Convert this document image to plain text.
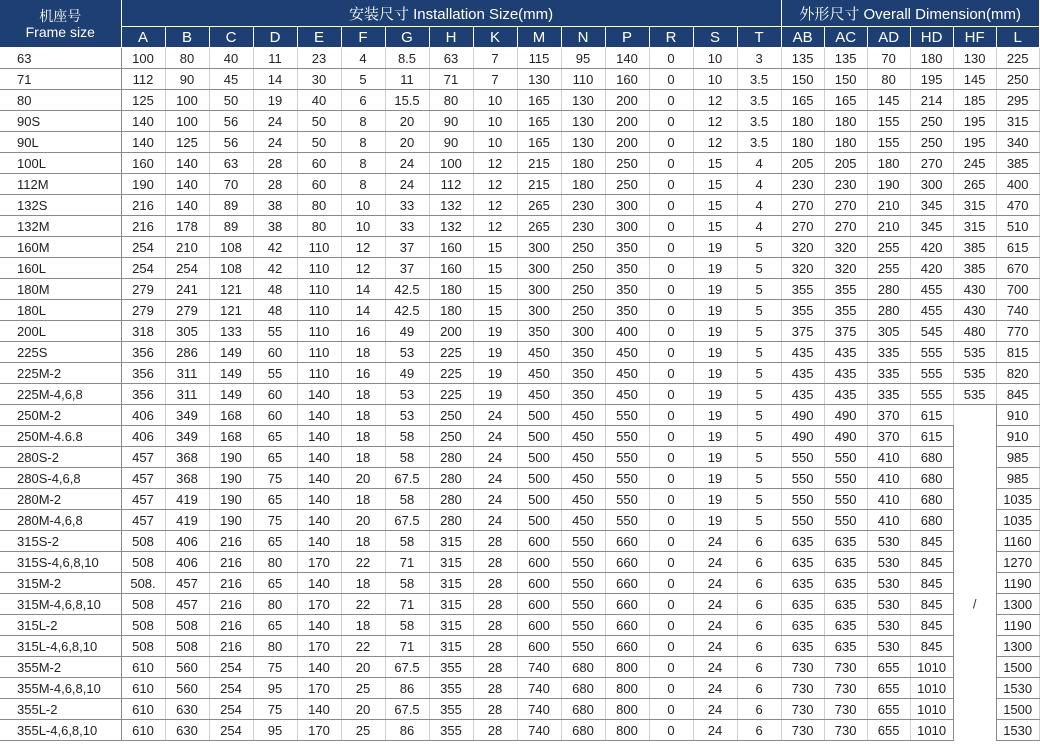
机座号
Frame size	安装尺寸 Installation Size(mm)															外形尺寸 Overall Dimension(mm)					
	A	B	C	D	E	F	G	H	K	M	N	P	R	S	T	AB	AC	AD	HD	HF	L
63	100	80	40	11	23	4	8.5	63	7	115	95	140	0	10	3	135	135	70	180	130	225
71	112	90	45	14	30	5	11	71	7	130	110	160	0	10	3.5	150	150	80	195	145	250
80	125	100	50	19	40	6	15.5	80	10	165	130	200	0	12	3.5	165	165	145	214	185	295
90S	140	100	56	24	50	8	20	90	10	165	130	200	0	12	3.5	180	180	155	250	195	315
90L	140	125	56	24	50	8	20	90	10	165	130	200	0	12	3.5	180	180	155	250	195	340
100L	160	140	63	28	60	8	24	100	12	215	180	250	0	15	4	205	205	180	270	245	385
112M	190	140	70	28	60	8	24	112	12	215	180	250	0	15	4	230	230	190	300	265	400
132S	216	140	89	38	80	10	33	132	12	265	230	300	0	15	4	270	270	210	345	315	470
132M	216	178	89	38	80	10	33	132	12	265	230	300	0	15	4	270	270	210	345	315	510
160M	254	210	108	42	110	12	37	160	15	300	250	350	0	19	5	320	320	255	420	385	615
160L	254	254	108	42	110	12	37	160	15	300	250	350	0	19	5	320	320	255	420	385	670
180M	279	241	121	48	110	14	42.5	180	15	300	250	350	0	19	5	355	355	280	455	430	700
180L	279	279	121	48	110	14	42.5	180	15	300	250	350	0	19	5	355	355	280	455	430	740
200L	318	305	133	55	110	16	49	200	19	350	300	400	0	19	5	375	375	305	545	480	770
225S	356	286	149	60	110	18	53	225	19	450	350	450	0	19	5	435	435	335	555	535	815
225M-2	356	311	149	55	110	16	49	225	19	450	350	450	0	19	5	435	435	335	555	535	820
225M-4,6,8	356	311	149	60	140	18	53	225	19	450	350	450	0	19	5	435	435	335	555	535	845
250M-2	406	349	168	60	140	18	53	250	24	500	450	550	0	19	5	490	490	370	615	/	910
250M-4.6.8	406	349	168	65	140	18	58	250	24	500	450	550	0	19	5	490	490	370	615		910
280S-2	457	368	190	65	140	18	58	280	24	500	450	550	0	19	5	550	550	410	680		985
280S-4,6,8	457	368	190	75	140	20	67.5	280	24	500	450	550	0	19	5	550	550	410	680		985
280M-2	457	419	190	65	140	18	58	280	24	500	450	550	0	19	5	550	550	410	680		1035
280M-4,6,8	457	419	190	75	140	20	67.5	280	24	500	450	550	0	19	5	550	550	410	680		1035
315S-2	508	406	216	65	140	18	58	315	28	600	550	660	0	24	6	635	635	530	845		1160
315S-4,6,8,10	508	406	216	80	170	22	71	315	28	600	550	660	0	24	6	635	635	530	845		1270
315M-2	508.	457	216	65	140	18	58	315	28	600	550	660	0	24	6	635	635	530	845		1190
315M-4,6,8,10	508	457	216	80	170	22	71	315	28	600	550	660	0	24	6	635	635	530	845		1300
315L-2	508	508	216	65	140	18	58	315	28	600	550	660	0	24	6	635	635	530	845		1190
315L-4,6,8,10	508	508	216	80	170	22	71	315	28	600	550	660	0	24	6	635	635	530	845		1300
355M-2	610	560	254	75	140	20	67.5	355	28	740	680	800	0	24	6	730	730	655	1010		1500
355M-4,6,8,10	610	560	254	95	170	25	86	355	28	740	680	800	0	24	6	730	730	655	1010		1530
355L-2	610	630	254	75	140	20	67.5	355	28	740	680	800	0	24	6	730	730	655	1010		1500
355L-4,6,8,10	610	630	254	95	170	25	86	355	28	740	680	800	0	24	6	730	730	655	1010		1530
